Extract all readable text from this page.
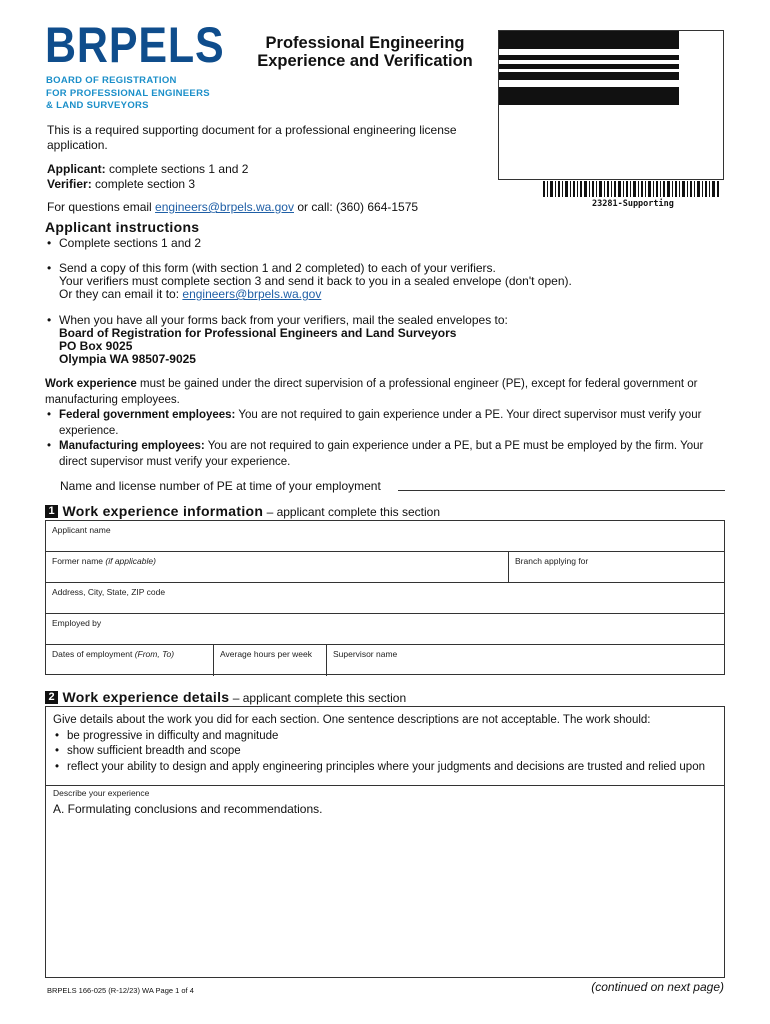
BRPELS
BOARD OF REGISTRATION
FOR PROFESSIONAL ENGINEERS
& LAND SURVEYORS
Professional Engineering
Experience and Verification
23281-Supporting
This is a required supporting document for a professional engineering license application.
Applicant: complete sections 1 and 2
Verifier: complete section 3
For questions email engineers@brpels.wa.gov or call: (360) 664-1575
Applicant instructions
• Complete sections 1 and 2
• Send a copy of this form (with section 1 and 2 completed) to each of your verifiers.
Your verifiers must complete section 3 and send it back to you in a sealed envelope (don't open).
Or they can email it to: engineers@brpels.wa.gov
• When you have all your forms back from your verifiers, mail the sealed envelopes to:
Board of Registration for Professional Engineers and Land Surveyors
PO Box 9025
Olympia WA 98507-9025
Work experience must be gained under the direct supervision of a professional engineer (PE), except for federal government or manufacturing employees.
• Federal government employees: You are not required to gain experience under a PE. Your direct supervisor must verify your experience.
• Manufacturing employees: You are not required to gain experience under a PE, but a PE must be employed by the firm. Your direct supervisor must verify your experience.
Name and license number of PE at time of your employment
1 Work experience information – applicant complete this section
Applicant name
Former name (if applicable)	Branch applying for
Address, City, State, ZIP code
Employed by
Dates of employment (From, To)	Average hours per week	Supervisor name
2 Work experience details – applicant complete this section
Give details about the work you did for each section. One sentence descriptions are not acceptable. The work should:
• be progressive in difficulty and magnitude
• show sufficient breadth and scope
• reflect your ability to design and apply engineering principles where your judgments and decisions are trusted and relied upon
Describe your experience
A. Formulating conclusions and recommendations.
BRPELS 166-025 (R-12/23) WA Page 1 of 4	(continued on next page)
